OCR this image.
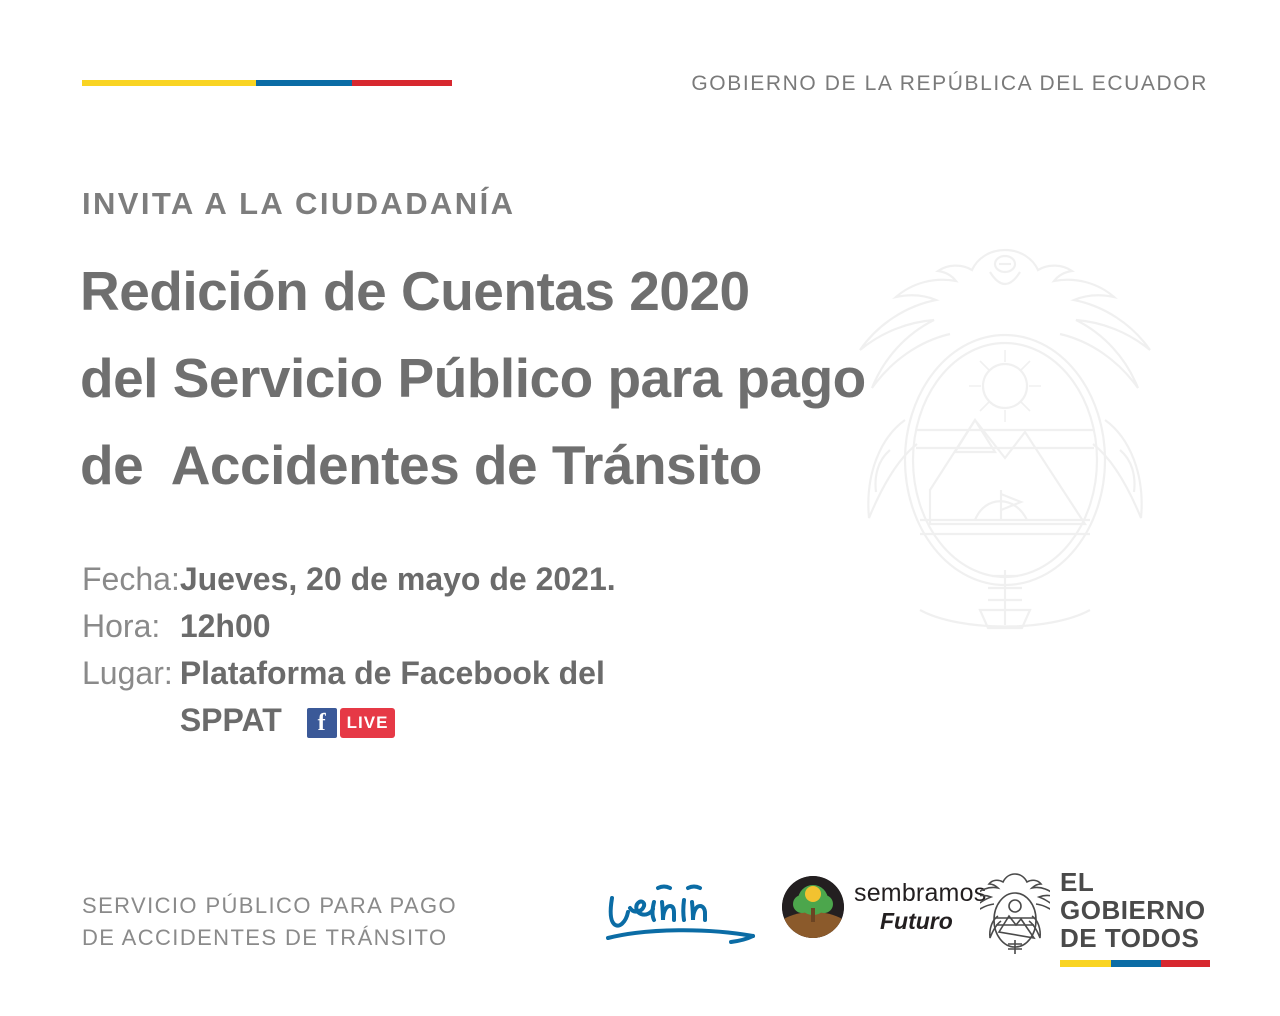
GOBIERNO DE LA REPÚBLICA DEL ECUADOR
INVITA A LA CIUDADANÍA
Redición de Cuentas 2020
del Servicio Público para pago
de  Accidentes de Tránsito
Fecha:	Jueves, 20 de mayo de 2021.
Hora:	12h00
Lugar:	Plataforma de Facebook del
	SPPAT f LIVE
SERVICIO PÚBLICO PARA PAGO
DE ACCIDENTES DE TRÁNSITO
sembramos
Futuro
EL
GOBIERNO
DE TODOS
